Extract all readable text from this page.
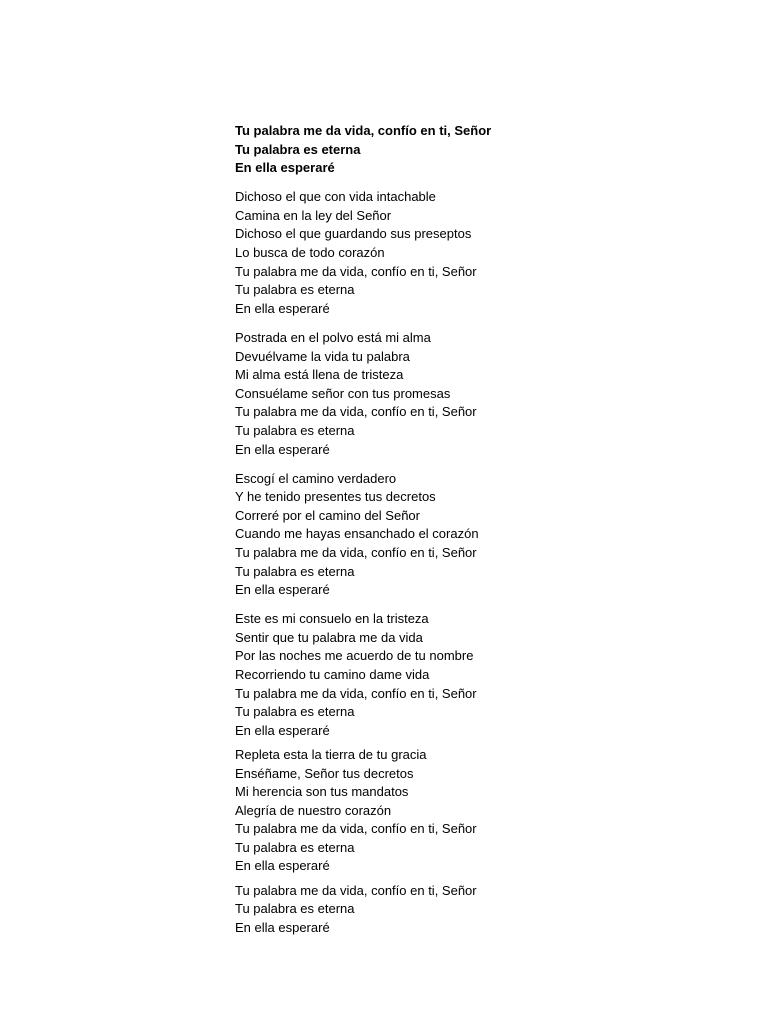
Tu palabra me da vida, confío en ti, Señor
Tu palabra es eterna
En ella esperaré
Dichoso el que con vida intachable
Camina en la ley del Señor
Dichoso el que guardando sus preseptos
Lo busca de todo corazón
Tu palabra me da vida, confío en ti, Señor
Tu palabra es eterna
En ella esperaré
Postrada en el polvo está mi alma
Devuélvame la vida tu palabra
Mi alma está llena de tristeza
Consuélame señor con tus promesas
Tu palabra me da vida, confío en ti, Señor
Tu palabra es eterna
En ella esperaré
Escogí el camino verdadero
Y he tenido presentes tus decretos
Correré por el camino del Señor
Cuando me hayas ensanchado el corazón
Tu palabra me da vida, confío en ti, Señor
Tu palabra es eterna
En ella esperaré
Este es mi consuelo en la tristeza
Sentir que tu palabra me da vida
Por las noches me acuerdo de tu nombre
Recorriendo tu camino dame vida
Tu palabra me da vida, confío en ti, Señor
Tu palabra es eterna
En ella esperaré
Repleta esta la tierra de tu gracia
Enséñame, Señor tus decretos
Mi herencia son tus mandatos
Alegría de nuestro corazón
Tu palabra me da vida, confío en ti, Señor
Tu palabra es eterna
En ella esperaré
Tu palabra me da vida, confío en ti, Señor
Tu palabra es eterna
En ella esperaré
